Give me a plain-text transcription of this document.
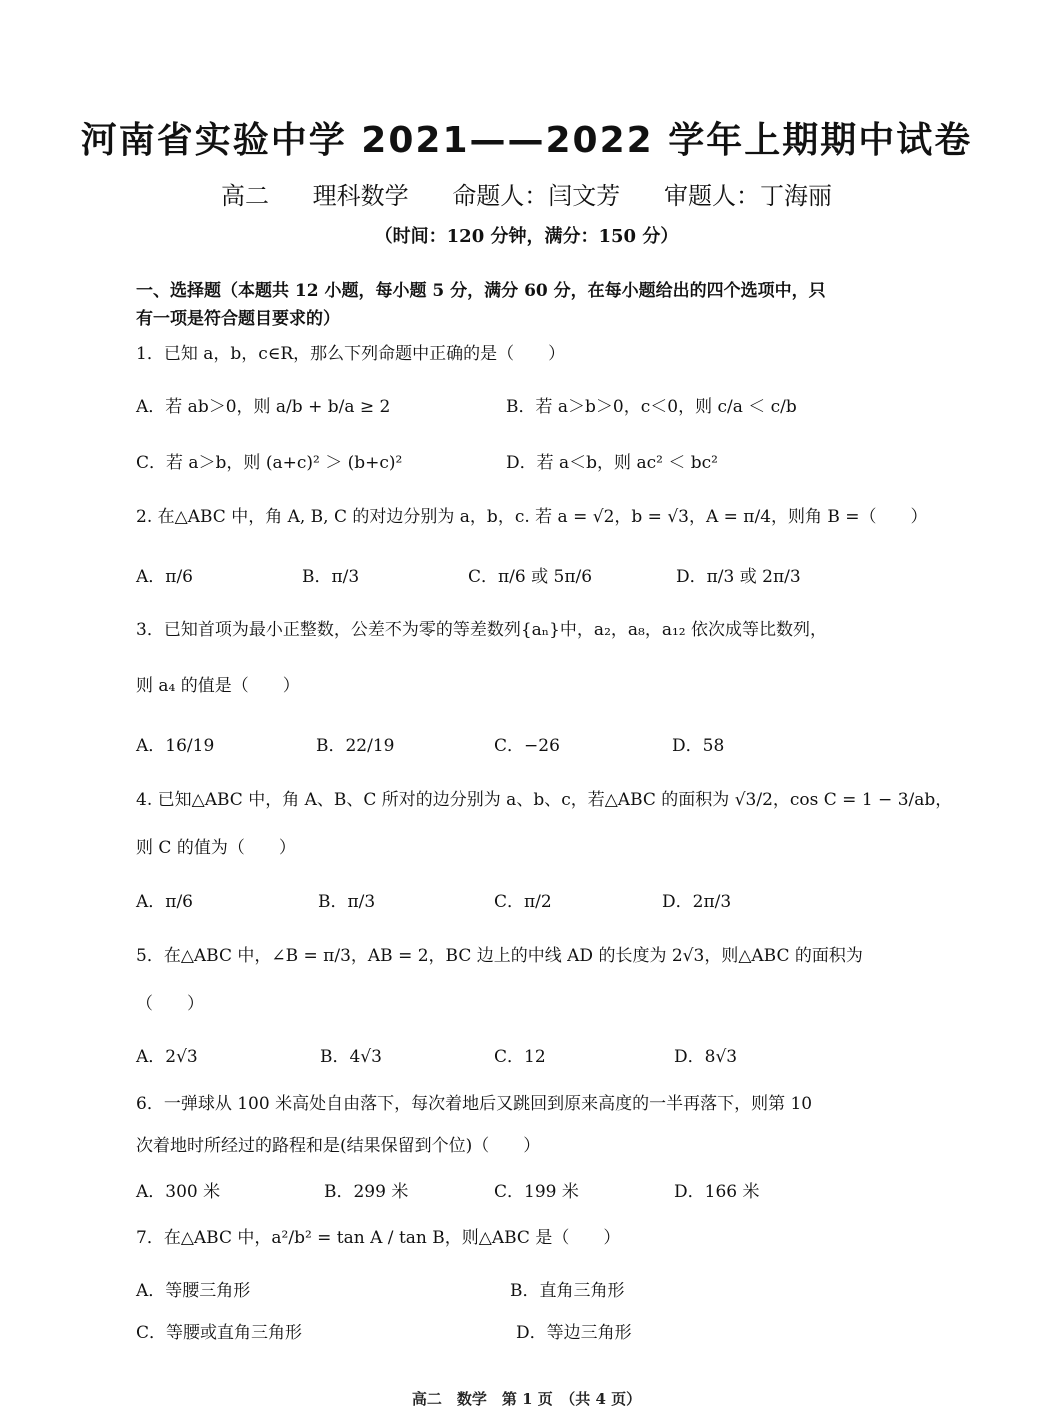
河南省实验中学 2021——2022 学年上期期中试卷
高二 理科数学 命题人：闫文芳 审题人：丁海丽
（时间：120 分钟，满分：150 分）
一、选择题（本题共 12 小题，每小题 5 分，满分 60 分，在每小题给出的四个选项中，只
有一项是符合题目要求的）
1．已知 a，b，c∈R，那么下列命题中正确的是（　　）
A．若 ab＞0，则 a/b + b/a ≥ 2	B．若 a＞b＞0，c＜0，则 c/a ＜ c/b
C．若 a＞b，则 (a+c)² ＞ (b+c)²	D．若 a＜b，则 ac² ＜ bc²
2. 在△ABC 中，角 A, B, C 的对边分别为 a，b，c. 若 a = √2，b = √3，A = π/4，则角 B =（　　）
A．π/6	B．π/3	C．π/6 或 5π/6	D．π/3 或 2π/3
3．已知首项为最小正整数，公差不为零的等差数列{aₙ}中，a₂，a₈，a₁₂ 依次成等比数列，
则 a₄ 的值是（　　）
A．16/19	B．22/19	C．−26	D．58
4. 已知△ABC 中，角 A、B、C 所对的边分别为 a、b、c，若△ABC 的面积为 √3/2，cos C = 1 − 3/ab，
则 C 的值为（　　）
A．π/6	B．π/3	C．π/2	D．2π/3
5．在△ABC 中，∠B = π/3，AB = 2，BC 边上的中线 AD 的长度为 2√3，则△ABC 的面积为
（　　）
A．2√3	B．4√3	C．12	D．8√3
6．一弹球从 100 米高处自由落下，每次着地后又跳回到原来高度的一半再落下，则第 10
次着地时所经过的路程和是(结果保留到个位)（　　）
A．300 米	B．299 米	C．199 米	D．166 米
7．在△ABC 中，a²/b² = tan A / tan B，则△ABC 是（　　）
A．等腰三角形	B．直角三角形
C．等腰或直角三角形	D．等边三角形
高二　数学　第 1 页　（共 4 页）
